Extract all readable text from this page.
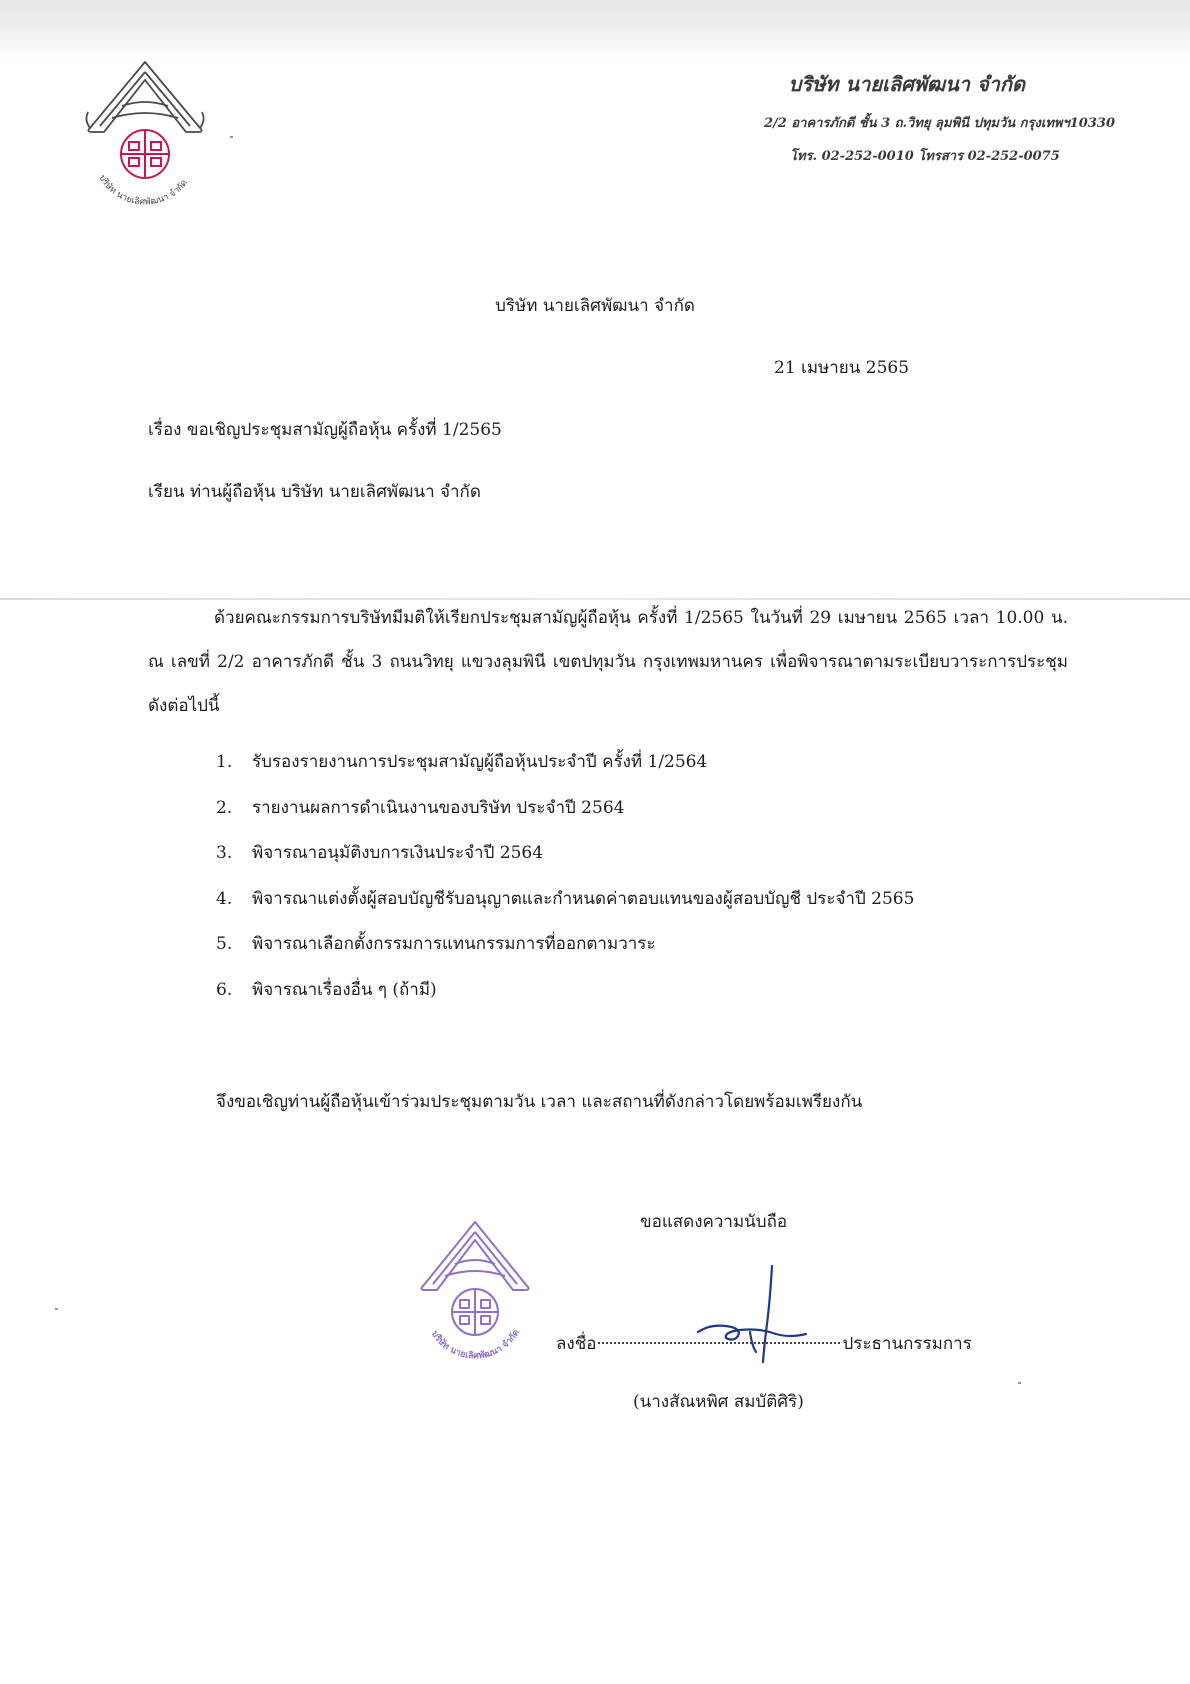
บริษัท นายเลิศพัฒนา จำกัด
บริษัท นายเลิศพัฒนา จำกัด
2/2 อาคารภักดี ชั้น 3 ถ.วิทยุ ลุมพินี ปทุมวัน กรุงเทพฯ10330
โทร. 02-252-0010 โทรสาร 02-252-0075
บริษัท นายเลิศพัฒนา จำกัด
21 เมษายน 2565
เรื่อง ขอเชิญประชุมสามัญผู้ถือหุ้น ครั้งที่ 1/2565
เรียน ท่านผู้ถือหุ้น บริษัท นายเลิศพัฒนา จำกัด
ด้วยคณะกรรมการบริษัทมีมติให้เรียกประชุมสามัญผู้ถือหุ้น ครั้งที่ 1/2565 ในวันที่ 29 เมษายน 2565 เวลา 10.00 น. ณ เลขที่ 2/2 อาคารภักดี ชั้น 3 ถนนวิทยุ แขวงลุมพินี เขตปทุมวัน กรุงเทพมหานคร เพื่อพิจารณาตามระเบียบวาระการประชุมดังต่อไปนี้
1.	รับรองรายงานการประชุมสามัญผู้ถือหุ้นประจำปี ครั้งที่ 1/2564
2.	รายงานผลการดำเนินงานของบริษัท ประจำปี 2564
3.	พิจารณาอนุมัติงบการเงินประจำปี 2564
4.	พิจารณาแต่งตั้งผู้สอบบัญชีรับอนุญาตและกำหนดค่าตอบแทนของผู้สอบบัญชี ประจำปี 2565
5.	พิจารณาเลือกตั้งกรรมการแทนกรรมการที่ออกตามวาระ
6.	พิจารณาเรื่องอื่น ๆ (ถ้ามี)
จึงขอเชิญท่านผู้ถือหุ้นเข้าร่วมประชุมตามวัน เวลา และสถานที่ดังกล่าวโดยพร้อมเพรียงกัน
ขอแสดงความนับถือ
บริษัท นายเลิศพัฒนา จำกัด
ลงชื่อ	ประธานกรรมการ
(นางสัณหพิศ สมบัติศิริ)
